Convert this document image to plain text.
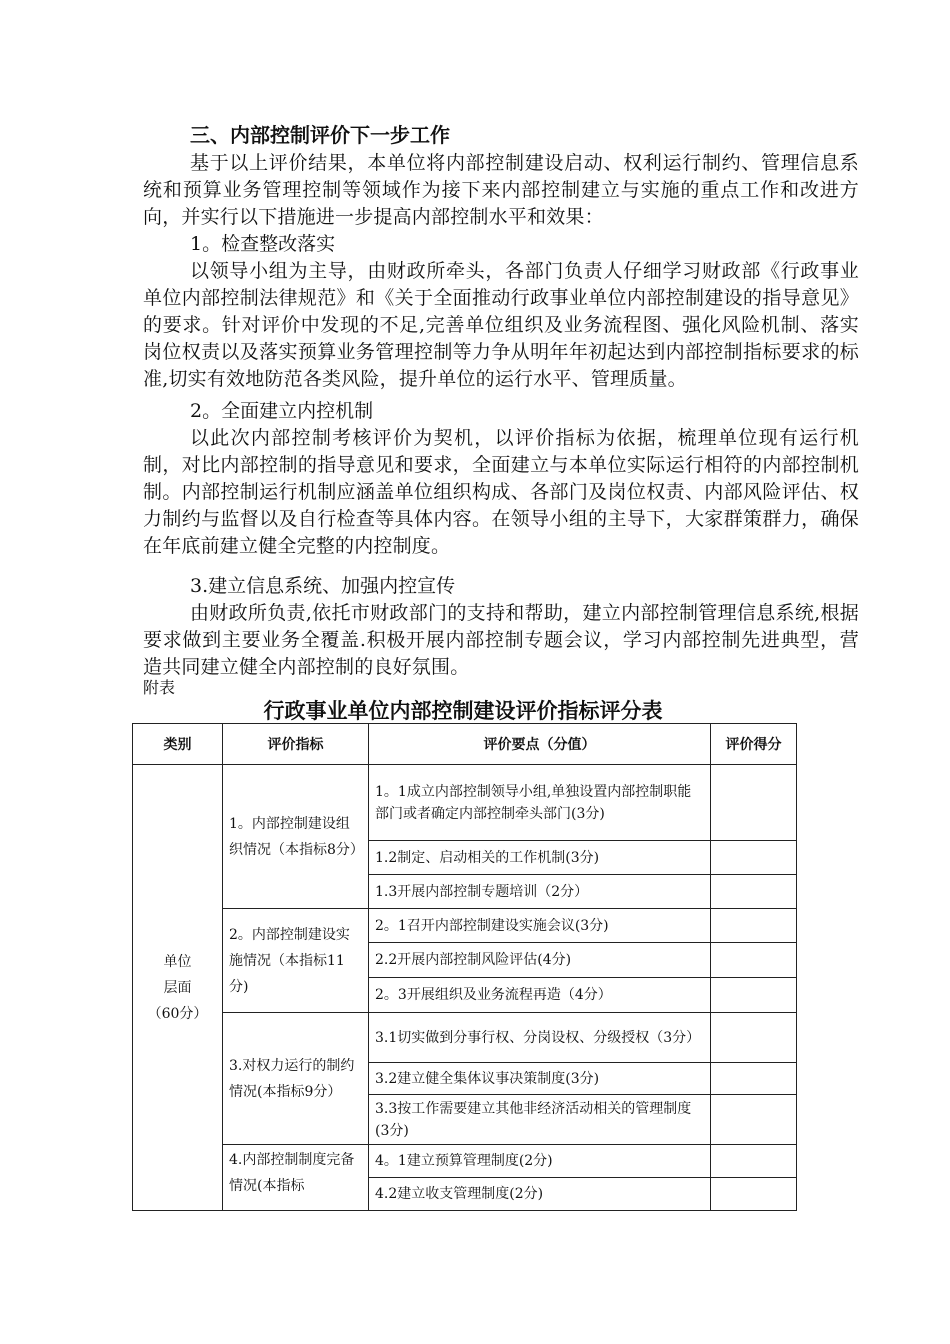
三、内部控制评价下一步工作
基于以上评价结果，本单位将内部控制建设启动、权利运行制约、管理信息系统和预算业务管理控制等领域作为接下来内部控制建立与实施的重点工作和改进方向，并实行以下措施进一步提高内部控制水平和效果：
1。检查整改落实
以领导小组为主导，由财政所牵头，各部门负责人仔细学习财政部《行政事业单位内部控制法律规范》和《关于全面推动行政事业单位内部控制建设的指导意见》的要求。针对评价中发现的不足,完善单位组织及业务流程图、强化风险机制、落实岗位权责以及落实预算业务管理控制等力争从明年年初起达到内部控制指标要求的标准,切实有效地防范各类风险，提升单位的运行水平、管理质量。
2。全面建立内控机制
以此次内部控制考核评价为契机，以评价指标为依据，梳理单位现有运行机制，对比内部控制的指导意见和要求，全面建立与本单位实际运行相符的内部控制机制。内部控制运行机制应涵盖单位组织构成、各部门及岗位权责、内部风险评估、权力制约与监督以及自行检查等具体内容。在领导小组的主导下，大家群策群力，确保在年底前建立健全完整的内控制度。
3.建立信息系统、加强内控宣传
由财政所负责,依托市财政部门的支持和帮助，建立内部控制管理信息系统,根据要求做到主要业务全覆盖.积极开展内部控制专题会议，学习内部控制先进典型，营造共同建立健全内部控制的良好氛围。
附表
行政事业单位内部控制建设评价指标评分表
类别	评价指标	评价要点（分值）	评价得分
单位
层面
（60分）	1。内部控制建设组织情况（本指标8分）	1。1成立内部控制领导小组,单独设置内部控制职能部门或者确定内部控制牵头部门(3分)	
		1.2制定、启动相关的工作机制(3分)	
		1.3开展内部控制专题培训（2分）	
	2。内部控制建设实施情况（本指标11分)	2。1召开内部控制建设实施会议(3分)	
		2.2开展内部控制风险评估(4分)	
		2。3开展组织及业务流程再造（4分）	
	3.对权力运行的制约情况(本指标9分）	3.1切实做到分事行权、分岗设权、分级授权（3分）	
		3.2建立健全集体议事决策制度(3分)	
		3.3按工作需要建立其他非经济活动相关的管理制度(3分)	
	4.内部控制制度完备情况(本指标	4。1建立预算管理制度(2分)	
		4.2建立收支管理制度(2分)	
